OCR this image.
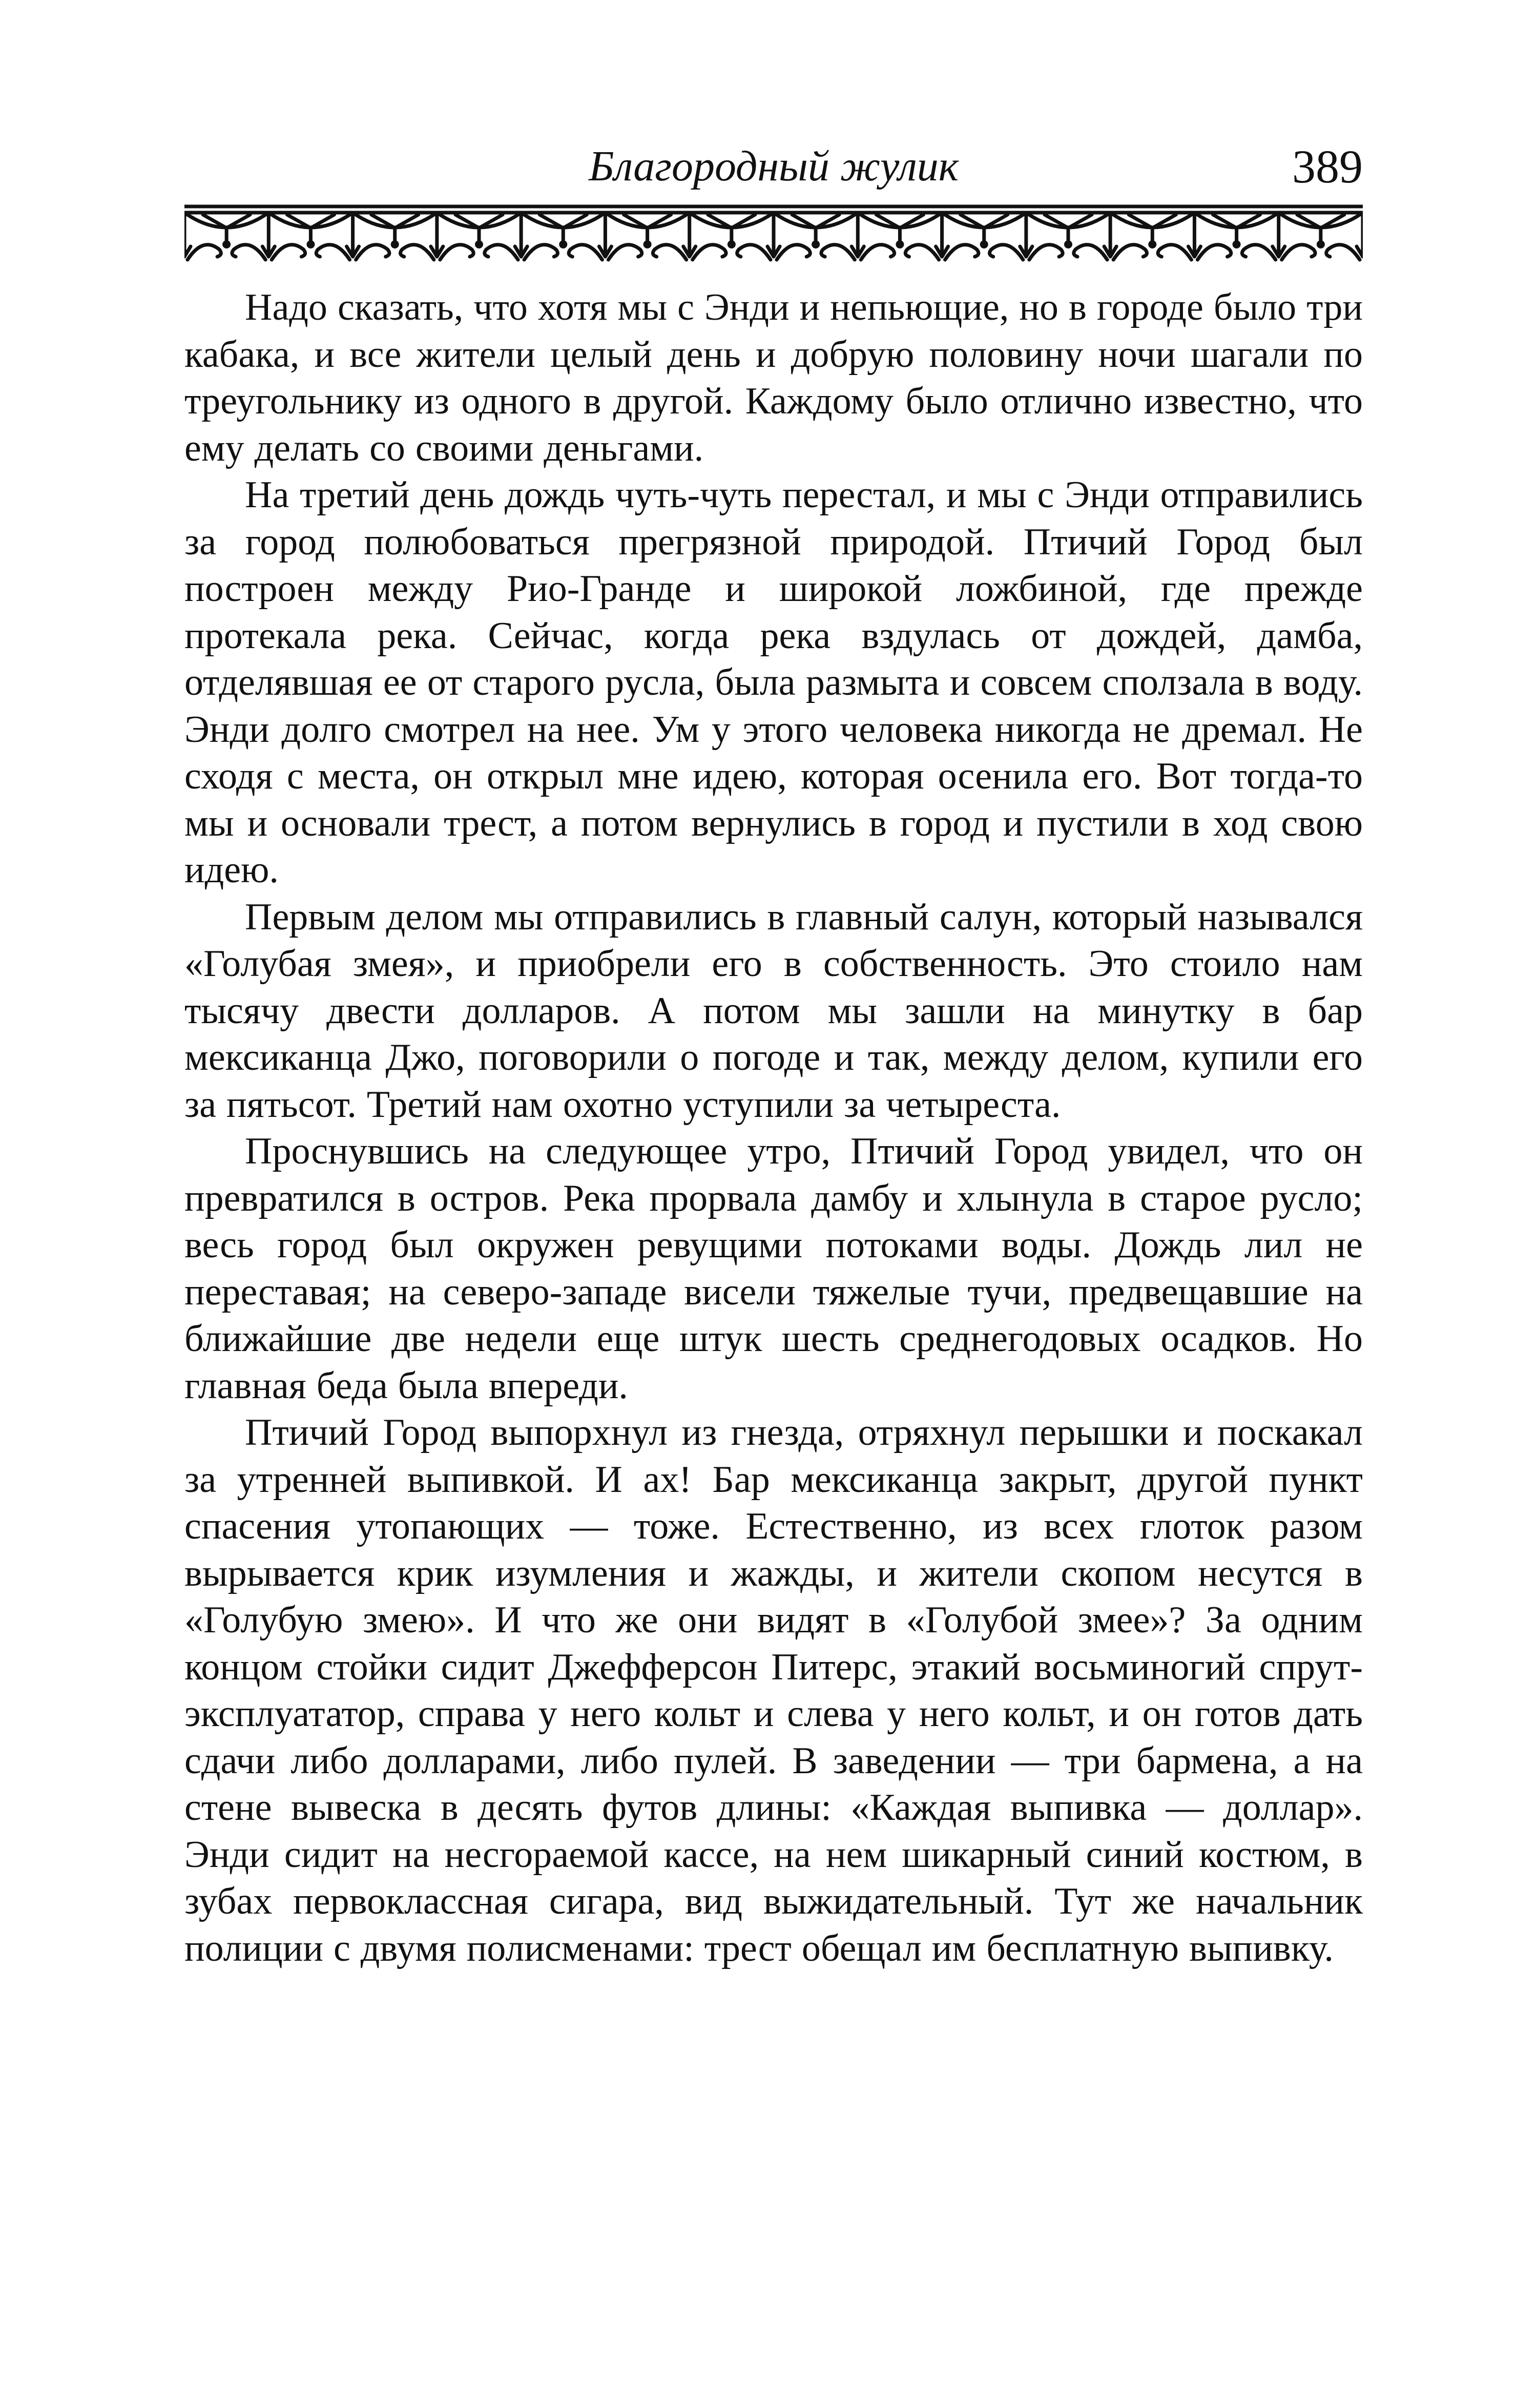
Благородный жулик	389

Надо сказать, что хотя мы с Энди и непьющие, но в городе было три кабака, и все жители целый день и добрую половину ночи шагали по треугольнику из одного в другой. Каждому было отлично известно, что ему делать со своими деньгами.

На третий день дождь чуть-чуть перестал, и мы с Энди отправились за город полюбоваться прегрязной природой. Птичий Город был построен между Рио-Гранде и широкой ложбиной, где прежде протекала река. Сейчас, когда река вздулась от дождей, дамба, отделявшая ее от старого русла, была размыта и совсем сползала в воду. Энди долго смотрел на нее. Ум у этого человека никогда не дремал. Не сходя с места, он открыл мне идею, которая осенила его. Вот тогда-то мы и основали трест, а потом вернулись в город и пустили в ход свою идею.

Первым делом мы отправились в главный салун, который назывался «Голубая змея», и приобрели его в собственность. Это стоило нам тысячу двести долларов. А потом мы зашли на минутку в бар мексиканца Джо, поговорили о погоде и так, между делом, купили его за пятьсот. Третий нам охотно уступили за четыреста.

Проснувшись на следующее утро, Птичий Город увидел, что он превратился в остров. Река прорвала дамбу и хлынула в старое русло; весь город был окружен ревущими потоками воды. Дождь лил не переставая; на северо-западе висели тяжелые тучи, предвещавшие на ближайшие две недели еще штук шесть среднегодовых осадков. Но главная беда была впереди.

Птичий Город выпорхнул из гнезда, отряхнул перышки и поскакал за утренней выпивкой. И ах! Бар мексиканца закрыт, другой пункт спасения утопающих — тоже. Естественно, из всех глоток разом вырывается крик изумления и жажды, и жители скопом несутся в «Голубую змею». И что же они видят в «Голубой змее»? За одним концом стойки сидит Джефферсон Питерс, этакий восьминогий спрут-эксплуататор, справа у него кольт и слева у него кольт, и он готов дать сдачи либо долларами, либо пулей. В заведении — три бармена, а на стене вывеска в десять футов длины: «Каждая выпивка — доллар». Энди сидит на несгораемой кассе, на нем шикарный синий костюм, в зубах первоклассная сигара, вид выжидательный. Тут же начальник полиции с двумя полисменами: трест обещал им бесплатную выпивку.
